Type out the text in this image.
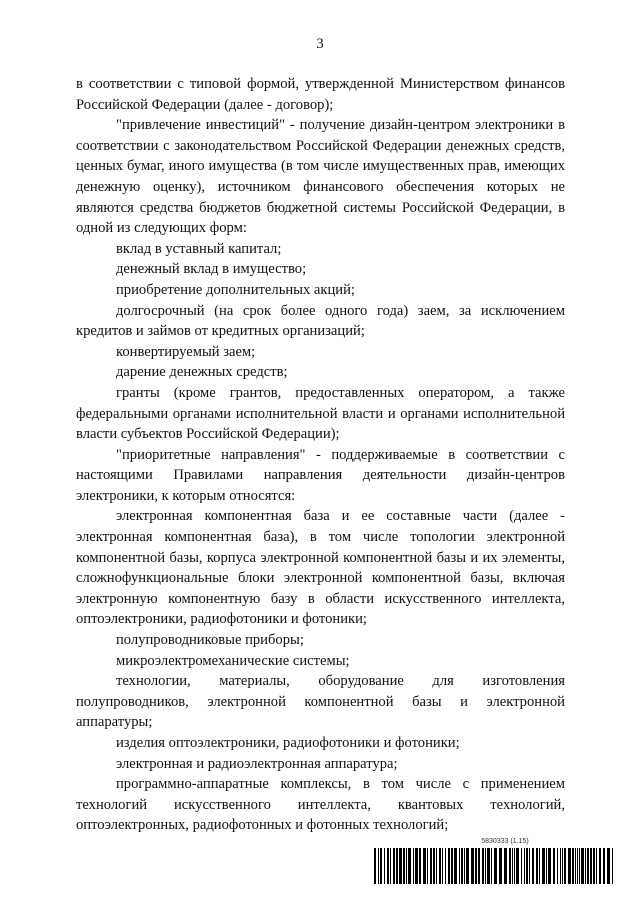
3

в соответствии с типовой формой, утвержденной Министерством финансов Российской Федерации (далее - договор);

"привлечение инвестиций" - получение дизайн-центром электроники в соответствии с законодательством Российской Федерации денежных средств, ценных бумаг, иного имущества (в том числе имущественных прав, имеющих денежную оценку), источником финансового обеспечения которых не являются средства бюджетов бюджетной системы Российской Федерации, в одной из следующих форм:

вклад в уставный капитал;

денежный вклад в имущество;

приобретение дополнительных акций;

долгосрочный (на срок более одного года) заем, за исключением кредитов и займов от кредитных организаций;

конвертируемый заем;

дарение денежных средств;

гранты (кроме грантов, предоставленных оператором, а также федеральными органами исполнительной власти и органами исполнительной власти субъектов Российской Федерации);

"приоритетные направления" - поддерживаемые в соответствии с настоящими Правилами направления деятельности дизайн-центров электроники, к которым относятся:

электронная компонентная база и ее составные части (далее - электронная компонентная база), в том числе топологии электронной компонентной базы, корпуса электронной компонентной базы и их элементы, сложнофункциональные блоки электронной компонентной базы, включая электронную компонентную базу в области искусственного интеллекта, оптоэлектроники, радиофотоники и фотоники;

полупроводниковые приборы;

микроэлектромеханические системы;

технологии, материалы, оборудование для изготовления полупроводников, электронной компонентной базы и электронной аппаратуры;

изделия оптоэлектроники, радиофотоники и фотоники;

электронная и радиоэлектронная аппаратура;

программно-аппаратные комплексы, в том числе с применением технологий искусственного интеллекта, квантовых технологий, оптоэлектронных, радиофотонных и фотонных технологий;

5830333 (1.15)
